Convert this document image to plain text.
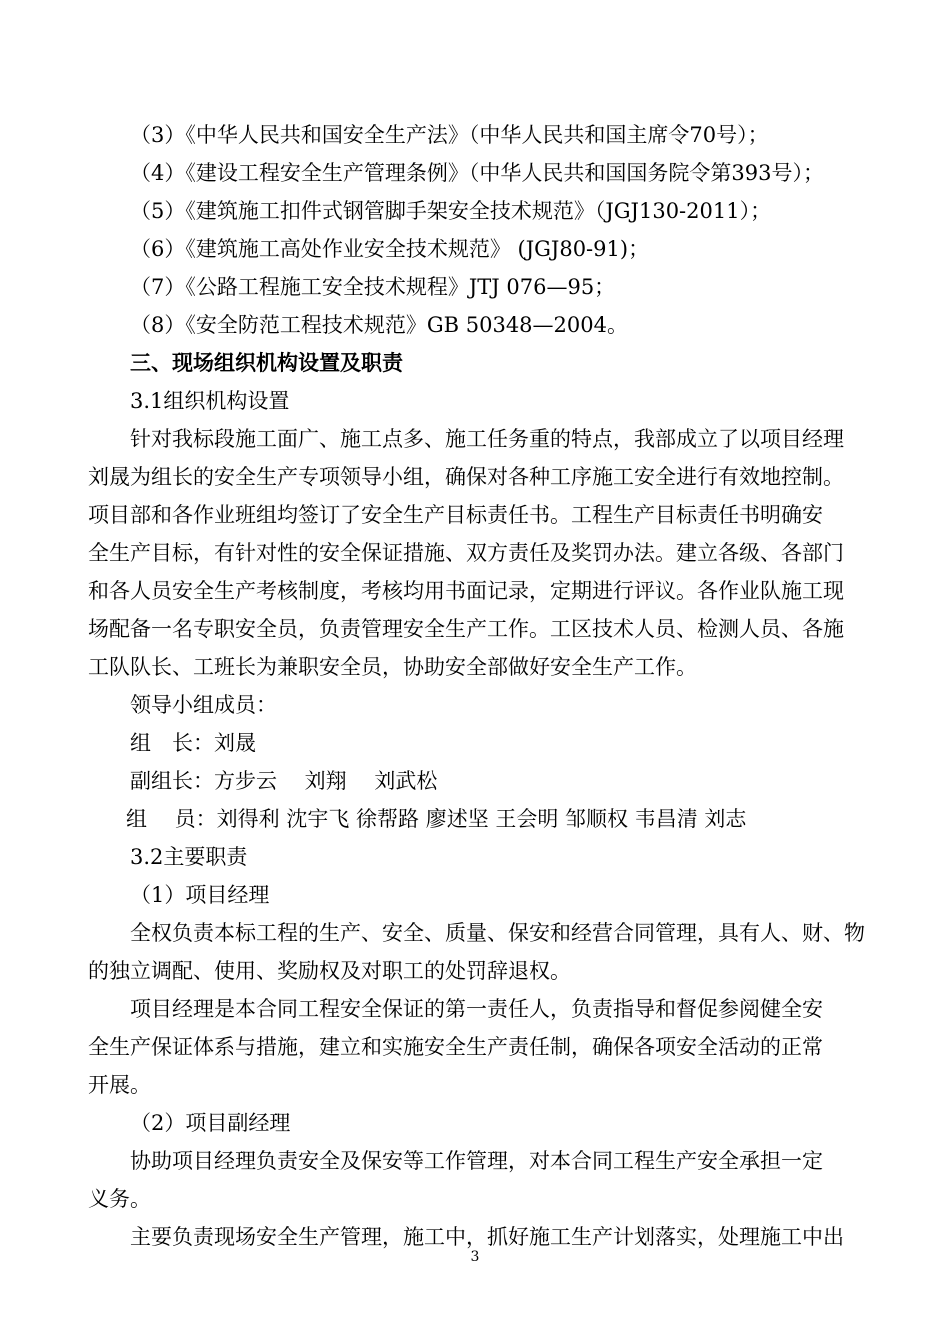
（3）《中华人民共和国安全生产法》（中华人民共和国主席令70号）；
（4）《建设工程安全生产管理条例》（中华人民共和国国务院令第393号）；
（5）《建筑施工扣件式钢管脚手架安全技术规范》（JGJ130-2011）；
（6）《建筑施工高处作业安全技术规范》 (JGJ80-91)；
（7）《公路工程施工安全技术规程》JTJ 076—95；
（8）《安全防范工程技术规范》GB 50348—2004。
三、现场组织机构设置及职责
3.1组织机构设置
针对我标段施工面广、施工点多、施工任务重的特点，我部成立了以项目经理
刘晟为组长的安全生产专项领导小组，确保对各种工序施工安全进行有效地控制。
项目部和各作业班组均签订了安全生产目标责任书。工程生产目标责任书明确安
全生产目标，有针对性的安全保证措施、双方责任及奖罚办法。建立各级、各部门
和各人员安全生产考核制度，考核均用书面记录，定期进行评议。各作业队施工现
场配备一名专职安全员，负责管理安全生产工作。工区技术人员、检测人员、各施
工队队长、工班长为兼职安全员，协助安全部做好安全生产工作。
领导小组成员：
组　长：刘晟
副组长：方步云　 刘翔　 刘武松
组　 员：刘得利 沈宇飞 徐帮路 廖述坚 王会明 邹顺权 韦昌清 刘志
3.2主要职责
（1）项目经理
全权负责本标工程的生产、安全、质量、保安和经营合同管理，具有人、财、物
的独立调配、使用、奖励权及对职工的处罚辞退权。
项目经理是本合同工程安全保证的第一责任人，负责指导和督促参阅健全安
全生产保证体系与措施，建立和实施安全生产责任制，确保各项安全活动的正常
开展。
（2）项目副经理
协助项目经理负责安全及保安等工作管理，对本合同工程生产安全承担一定
义务。
主要负责现场安全生产管理，施工中，抓好施工生产计划落实，处理施工中出
3
